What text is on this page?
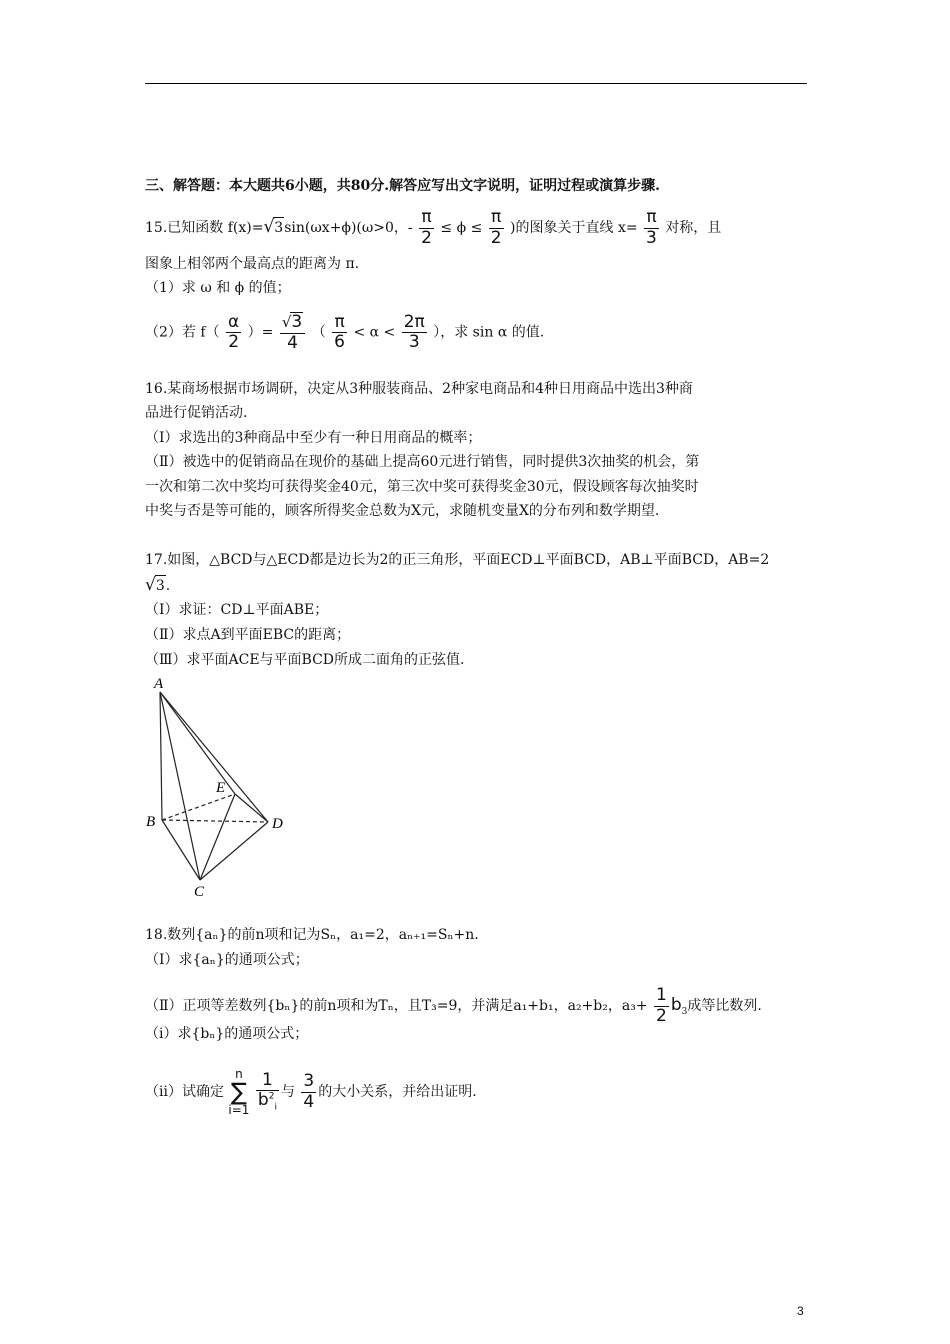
三、解答题：本大题共6小题，共80分.解答应写出文字说明，证明过程或演算步骤.
15.已知函数 f(x)=√3sin(ωx+ϕ)(ω>0，- $\frac{\pi}{2} \le \phi \le \frac{\pi}{2}$ )的图象关于直线 $x= \frac{\pi}{3}$ 对称，且
图象上相邻两个最高点的距离为 π.
（1）求 ω 和 ϕ 的值；
（2）若 $f( \frac{\alpha}{2}$ ）= $\frac{√3}{4}$ （ $\frac{\pi}{6} < \alpha < \frac{2\pi}{3}$ ），求 sin α 的值.
16.某商场根据市场调研，决定从3种服装商品、2种家电商品和4种日用商品中选出3种商
品进行促销活动.
（Ⅰ）求选出的3种商品中至少有一种日用商品的概率；
（Ⅱ）被选中的促销商品在现价的基础上提高60元进行销售，同时提供3次抽奖的机会，第
一次和第二次中奖均可获得奖金40元，第三次中奖可获得奖金30元，假设顾客每次抽奖时
中奖与否是等可能的，顾客所得奖金总数为X元，求随机变量X的分布列和数学期望.
17.如图，△BCD与△ECD都是边长为2的正三角形，平面ECD⊥平面BCD，AB⊥平面BCD，AB=2
√3.
（Ⅰ）求证：CD⊥平面ABE；
（Ⅱ）求点A到平面EBC的距离；
（Ⅲ）求平面ACE与平面BCD所成二面角的正弦值.
A
B
C
D
E
18.数列{aₙ}的前n项和记为Sₙ，a₁=2，aₙ₊₁=Sₙ+n.
（Ⅰ）求{aₙ}的通项公式；
（Ⅱ）正项等差数列{bₙ}的前n项和为Tₙ，且T₃=9，并满足a₁+b₁，a₂+b₂，$a_3+ \frac{1}{2} b_3$成等比数列.
（ⅰ）求{bₙ}的通项公式；
（ⅱ）试确定
n
∑
i=1
$\frac{1}{b^2_i}$ 与 $\frac{3}{4}$ 的大小关系，并给出证明.
3
